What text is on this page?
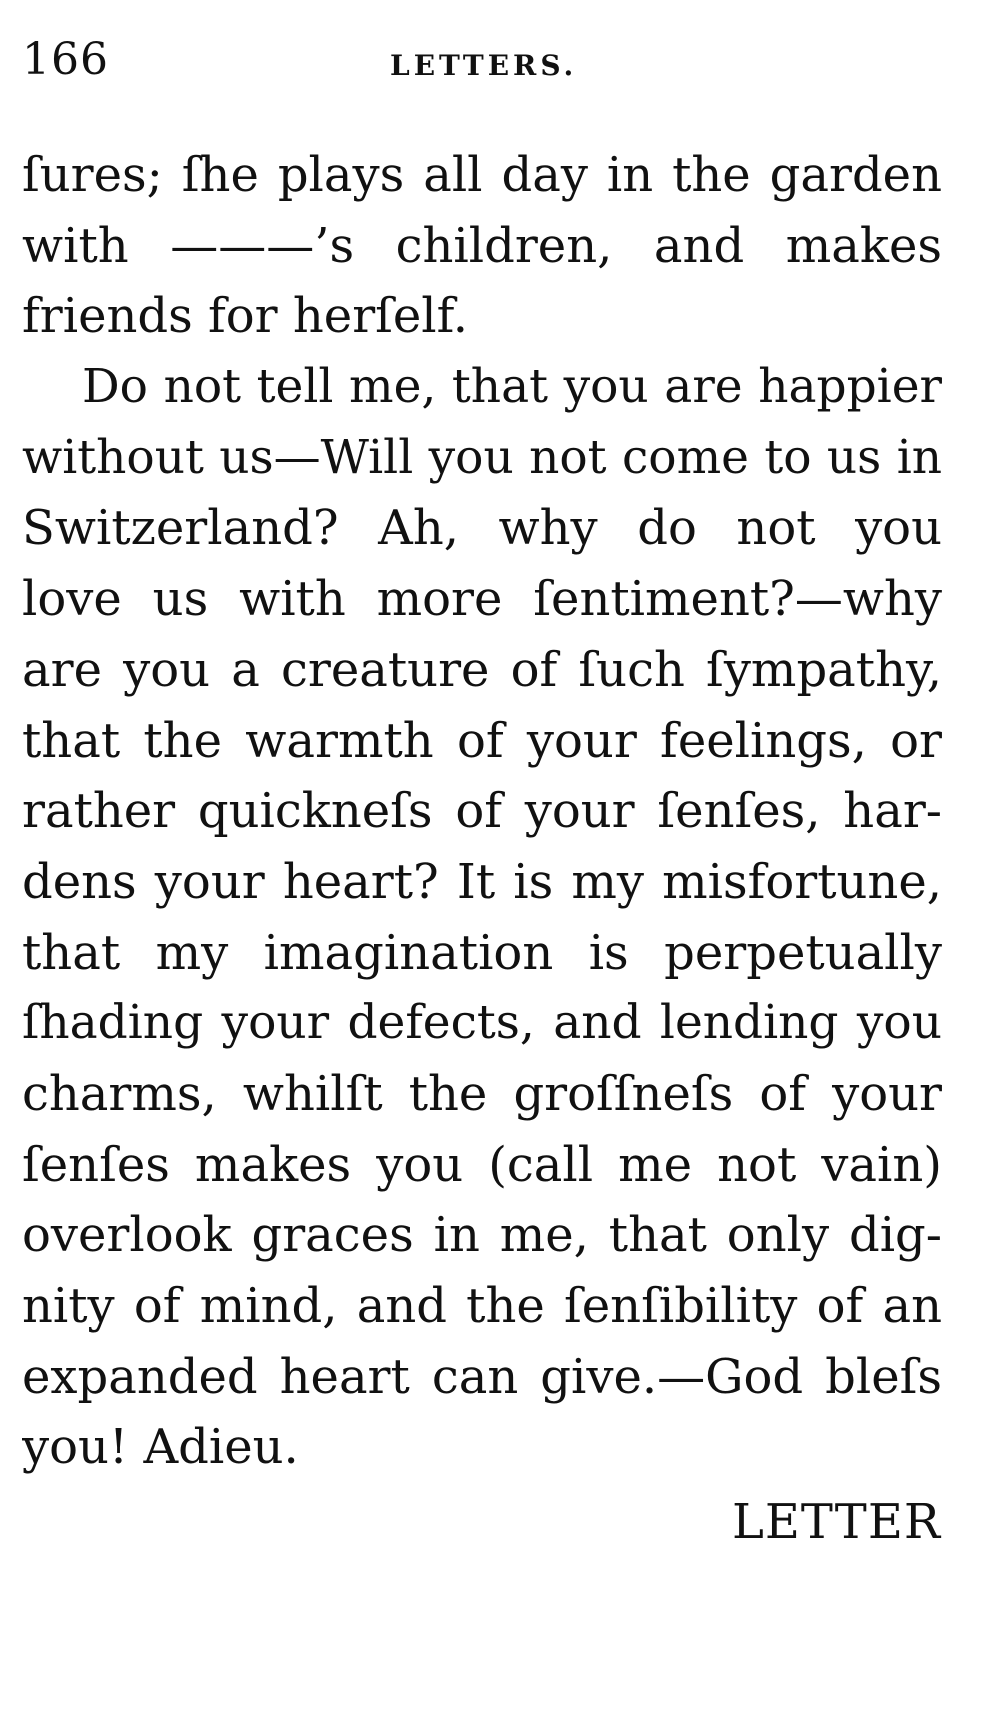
166	LETTERS.
ſures; ſhe plays all day in the garden
with ———’s children, and makes
friends for herſelf.
Do not tell me, that you are happier
without us—Will you not come to us in
Switzerland? Ah, why do not you
love us with more ſentiment?—why
are you a creature of ſuch ſympathy,
that the warmth of your feelings, or
rather quickneſs of your ſenſes, har-
dens your heart? It is my misfortune,
that my imagination is perpetually
ſhading your defects, and lending you
charms, whilſt the groſſneſs of your
ſenſes makes you (call me not vain)
overlook graces in me, that only dig-
nity of mind, and the ſenſibility of an
expanded heart can give.—God bleſs
you! Adieu.
LETTER
